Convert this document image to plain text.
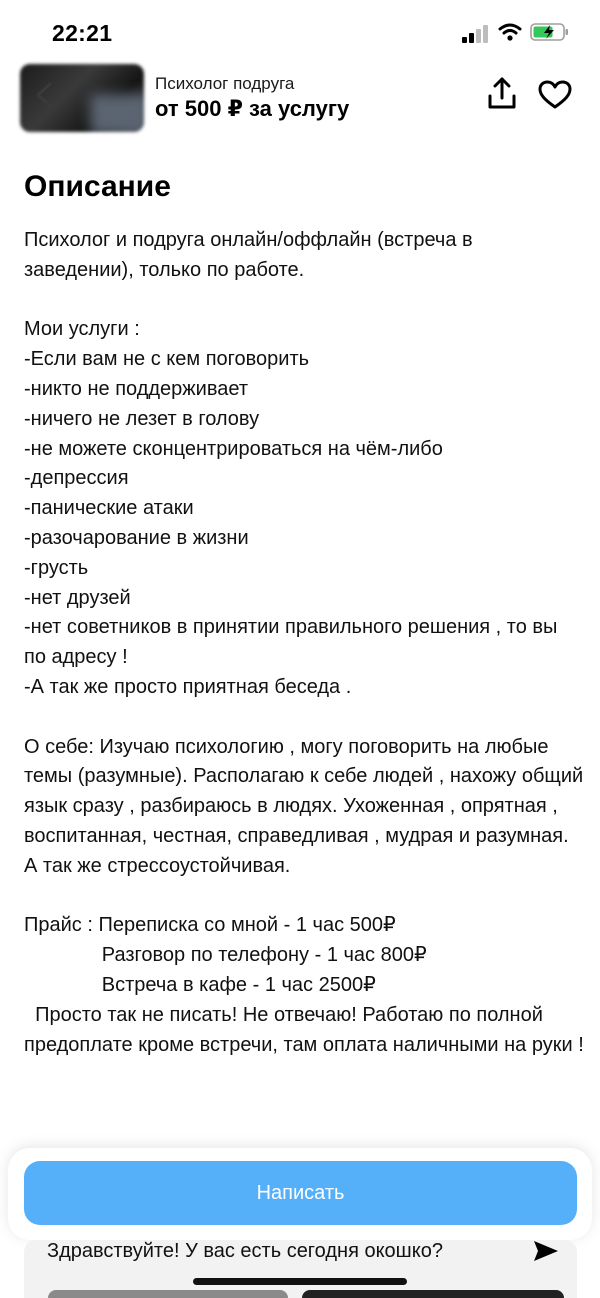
22:21
Психолог подруга
от 500 ₽ за услугу
Описание
Психолог и подруга онлайн/оффлайн (встреча в заведении), только по работе.

Мои услуги :
-Если вам не с кем поговорить
-никто не поддерживает
-ничего не лезет в голову
-не можете сконцентрироваться на чём-либо
-депрессия
-панические атаки
-разочарование в жизни
-грусть
-нет друзей
-нет советников в принятии правильного решения , то вы по адресу !
-А так же просто приятная беседа .

О себе: Изучаю психологию , могу поговорить на любые темы (разумные). Располагаю к себе людей , нахожу общий язык сразу , разбираюсь в людях. Ухоженная , опрятная , воспитанная, честная, справедливая , мудрая и разумная. А так же стрессоустойчивая.

Прайс : Переписка со мной - 1 час 500₽
Разговор по телефону - 1 час 800₽
Встреча в кафе - 1 час 2500₽
Просто так не писать! Не отвечаю! Работаю по полной предоплате кроме встречи, там оплата наличными на руки !
Написать
Здравствуйте! У вас есть сегодня окошко?
